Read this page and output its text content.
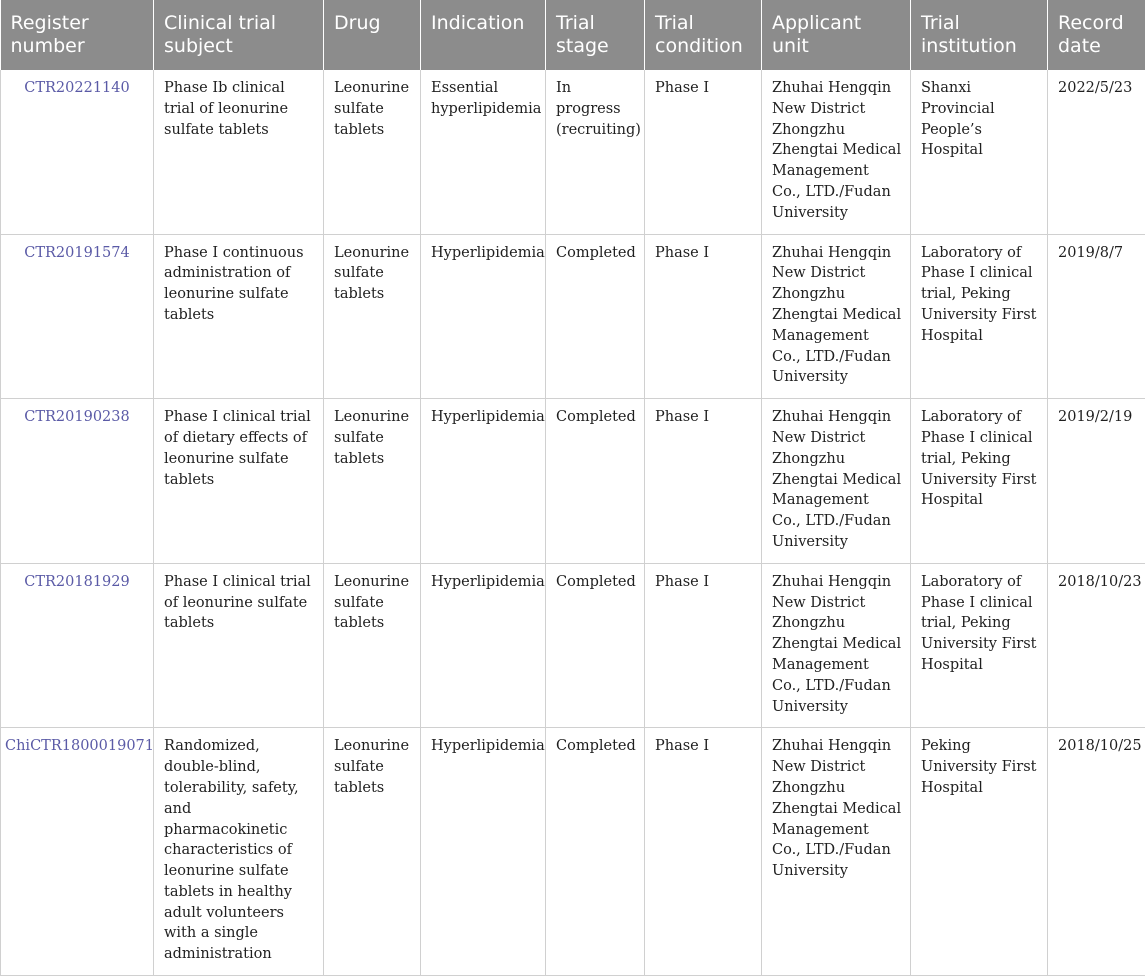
Register number	Clinical trial subject	Drug	Indication	Trial stage	Trial condition	Applicant unit	Trial institution	Record date
CTR20221140	Phase Ib clinical trial of leonurine sulfate tablets	Leonurine sulfate tablets	Essential hyperlipidemia	In progress (recruiting)	Phase I	Zhuhai Hengqin New District Zhongzhu Zhengtai Medical Management Co., LTD./Fudan University	Shanxi Provincial People’s Hospital	2022/5/23
CTR20191574	Phase I continuous administration of leonurine sulfate tablets	Leonurine sulfate tablets	Hyperlipidemia	Completed	Phase I	Zhuhai Hengqin New District Zhongzhu Zhengtai Medical Management Co., LTD./Fudan University	Laboratory of Phase I clinical trial, Peking University First Hospital	2019/8/7
CTR20190238	Phase I clinical trial of dietary effects of leonurine sulfate tablets	Leonurine sulfate tablets	Hyperlipidemia	Completed	Phase I	Zhuhai Hengqin New District Zhongzhu Zhengtai Medical Management Co., LTD./Fudan University	Laboratory of Phase I clinical trial, Peking University First Hospital	2019/2/19
CTR20181929	Phase I clinical trial of leonurine sulfate tablets	Leonurine sulfate tablets	Hyperlipidemia	Completed	Phase I	Zhuhai Hengqin New District Zhongzhu Zhengtai Medical Management Co., LTD./Fudan University	Laboratory of Phase I clinical trial, Peking University First Hospital	2018/10/23
ChiCTR1800019071	Randomized, double-blind, tolerability, safety, and pharmacokinetic characteristics of leonurine sulfate tablets in healthy adult volunteers with a single administration	Leonurine sulfate tablets	Hyperlipidemia	Completed	Phase I	Zhuhai Hengqin New District Zhongzhu Zhengtai Medical Management Co., LTD./Fudan University	Peking University First Hospital	2018/10/25
